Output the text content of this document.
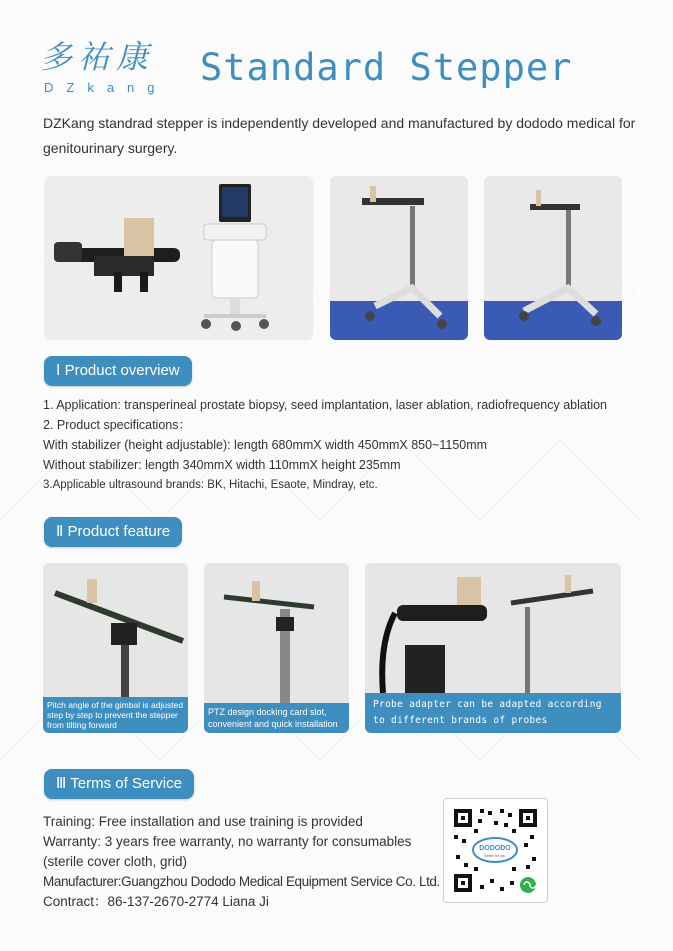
多祐康
DZkang Standard Stepper
DZKang standrad stepper is independently developed and manufactured by dododo medical for genitourinary surgery.
Ⅰ Product overview
1. Application: transperineal prostate biopsy, seed implantation, laser ablation, radiofrequency ablation
2. Product specifications：
With stabilizer (height adjustable): length 680mmX width 450mmX 850~1150mm
Without stabilizer: length 340mmX width 110mmX height 235mm
3.Applicable ultrasound brands: BK, Hitachi, Esaote, Mindray, etc.
Ⅱ Product feature
Pitch angle of the gimbal is adjusted step by step to prevent the stepper from tilting forward
PTZ design docking card slot, convenient and quick installation
Probe adapter can be adapted according to different brands of probes
Ⅲ Terms of Service
Training: Free installation and use training is provided
Warranty: 3 years free warranty, no warranty for consumables
(sterile cover cloth, grid)
Manufacturer:Guangzhou Dododo Medical Equipment Service Co. Ltd.
Contract：86-137-2670-2774 Liana Ji
DODODO
Better for you
